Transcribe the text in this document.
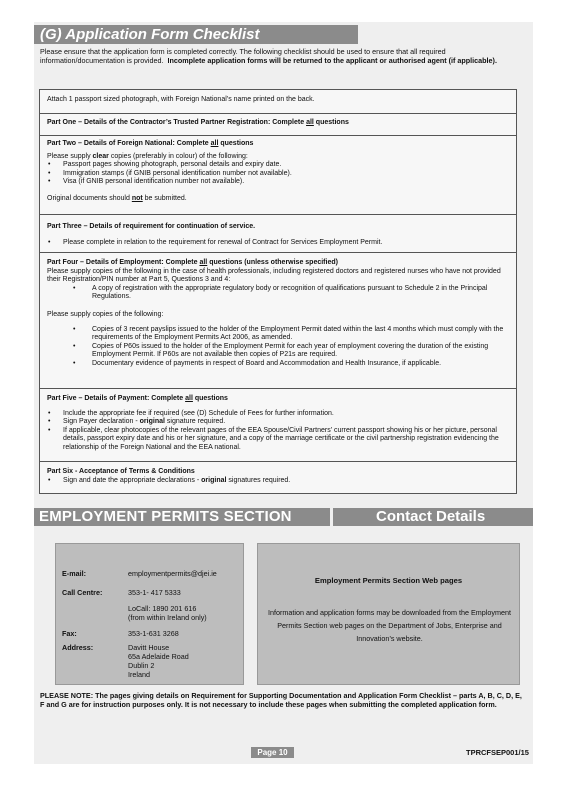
(G) Application Form Checklist
Please ensure that the application form is completed correctly. The following checklist should be used to ensure that all required information/documentation is provided. Incomplete application forms will be returned to the applicant or authorised agent (if applicable).

Attach 1 passport sized photograph, with Foreign National’s name printed on the back.

Part One – Details of the Contractor’s Trusted Partner Registration: Complete all questions

Part Two – Details of Foreign National: Complete all questions

Please supply clear copies (preferably in colour) of the following:

• Passport pages showing photograph, personal details and expiry date.

• Immigration stamps (if GNIB personal identification number not available).

• Visa (if GNIB personal identification number not available).

Original documents should not be submitted.

Part Three – Details of requirement for continuation of service.

• Please complete in relation to the requirement for renewal of Contract for Services Employment Permit.

Part Four – Details of Employment: Complete all questions (unless otherwise specified)

Please supply copies of the following in the case of health professionals, including registered doctors and registered nurses who have not provided their Registration/PIN number at Part 5, Questions 3 and 4:

• A copy of registration with the appropriate regulatory body or recognition of qualifications pursuant to Schedule 2 in the Principal Regulations.

Please supply copies of the following:

• Copies of 3 recent payslips issued to the holder of the Employment Permit dated within the last 4 months which must comply with the requirements of the Employment Permits Act 2006, as amended.

• Copies of P60s issued to the holder of the Employment Permit for each year of employment covering the duration of the existing Employment Permit. If P60s are not available then copies of P21s are required.

• Documentary evidence of payments in respect of Board and Accommodation and Health Insurance, if applicable.

Part Five – Details of Payment: Complete all questions

• Include the appropriate fee if required (see (D) Schedule of Fees for further information.

• Sign Payer declaration - original signature required.

• If applicable, clear photocopies of the relevant pages of the EEA Spouse/Civil Partners’ current passport showing his or her picture, personal details, passport expiry date and his or her signature, and a copy of the marriage certificate or the civil partnership registration evidencing the relationship of the Foreign National and the EEA national.

Part Six - Acceptance of Terms & Conditions

• Sign and date the appropriate declarations - original signatures required.

EMPLOYMENT PERMITS SECTION	Contact Details
E-mail:	employmentpermits@djei.ie
Call Centre:	353-1- 417 5333
LoCall: 1890 201 616
(from within Ireland only)
Fax:	353-1-631 3268
Address:	Davitt House
65a Adelaide Road
Dublin 2
Ireland
Employment Permits Section Web pages
Information and application forms may be downloaded from the Employment Permits Section web pages on the Department of Jobs, Enterprise and Innovation’s website.
PLEASE NOTE: The pages giving details on Requirement for Supporting Documentation and Application Form Checklist – parts A, B, C, D, E, F and G are for instruction purposes only. It is not necessary to include these pages when submitting the completed application form.
Page 10	TPRCFSEP001/15
